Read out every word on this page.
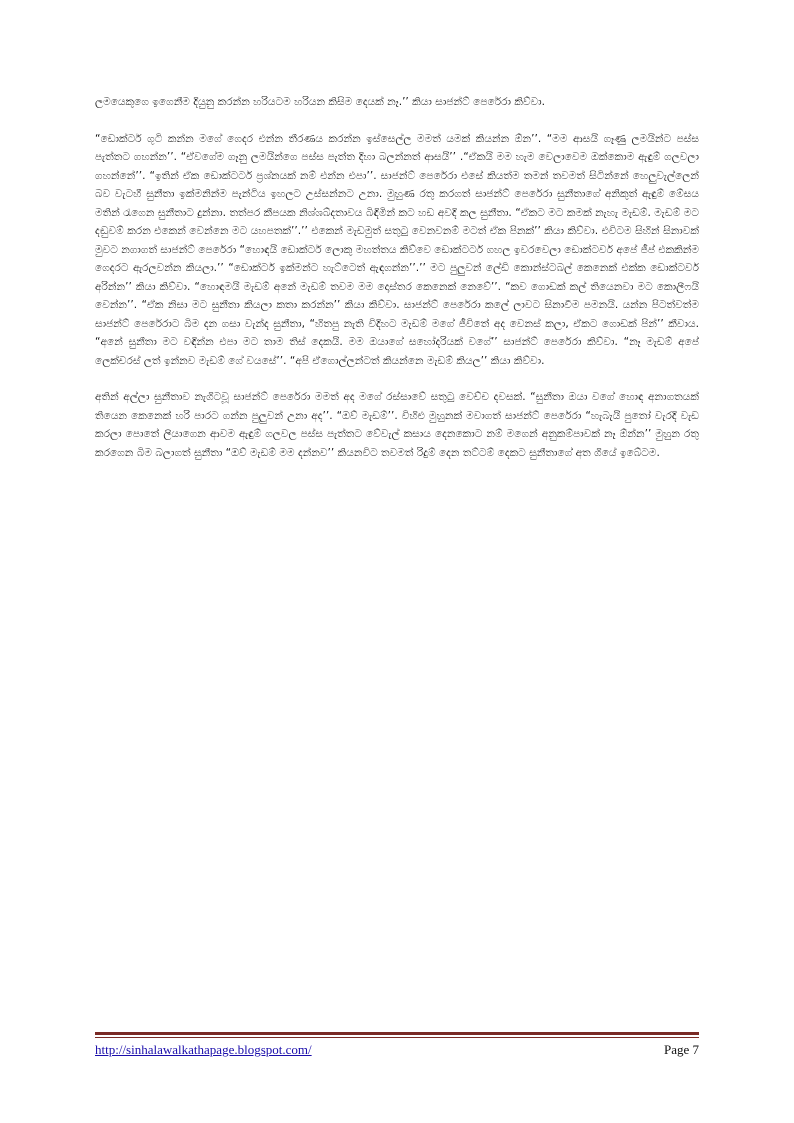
ලමයෙකුගෙ ඉගෙනීම දියුනු කරන්න හරියටම හරියන කිසිම දෙයක් නෑ.’’ කියා සාජන්ට් පෙරේරා කිව්වා.

“ඩොක්ටර් ගුටි කන්න මගේ ගෙදර එන්න තීරණය කරන්න ඉස්සෙල්ල මමත් යමක් කියන්න ඕන’’. “මම ආසයි ගෑණු ලමයින්ට පස්ස පැත්තට ගහන්න’’. “ඒවගේම ගෑනු ලමයින්ගෙ පස්ස පැත්ත දිහා බලන්නත් ආසයි’’ .“ඒකයි මම හැම වෙලාවෙම ඔක්කොම ඇඳුම් ගලවලා ගහන්නේ’’. “ඉතින් ඒක ඩොක්ටර්ට ප්‍රශ්නයක් නම් එන්න එපා’’. සාජන්ට් පෙරේරා එසේ කියත්ම තමන් තවමත් සිටින්නේ හෙලුවැල්ලෙන් බව වැටහී සුනීතා ඉක්මනින්ම පැන්ටිය ඉහලට උස්සන්නට උනා. මුහුණ රතු කරගත් සාජන්ට් පෙරේරා සුනීතාගේ අනිකුත් ඇඳුම් මේසය මතින් රැගෙන සුනීතාට දුන්නා. තත්පර කීපයක නිශ්ශබ්දතාවය බිඳිමින් කට හඩ අවදි කල සුනීතා. “ඒකට මට කමක් නැහැ මැඩම්. මැඩම් මට දඬුවම් කරන එකෙන් වෙන්නෙ මට යහපතක්’’.’’ එකෙන් මැඩමුත් සතුටු වෙනවනම් මටත් ඒක පිනක්’’ කියා කිව්වා. එවිටම සිහින් සිනාවක් මුවට නගාගත් සාජන්ට් පෙරේරා “හොඳයි ඩොක්ටර් ලොකු මහත්තය කිව්වෙ ඩොක්ටර්ට ගහල ඉවරවෙලා ඩොක්ටර්ව අපේ ජීප් එකකින්ම ගෙදරට ඇරලවන්න කියලා.’’ “ඩොක්ටර් ඉක්මන්ට හැට්ටෙත් ඇඳගන්න’’.’’ මට පුලුවන් ලේඩි කොන්ස්ටබල් කෙනෙක් එක්ක ඩොක්ටර්ව අරින්න’’ කියා කිව්වා. “හොඳමයි මැඩම් අනේ මැඩම් තවම මම දොස්තර කෙනෙක් නෙවේ’’. “කව ගොඩක් කල් තියෙනවා මට කොලීෆයි වෙන්න’’. “ඒක නිසා මට සුනීතා කියලා කතා කරන්න’’ කියා කිව්වා. සාජන්ට් පෙරේරා කලේ ලාවට සිනාවීම පමනයි. යන්න පිටත්වත්ම සාජන්ට් පෙරේරාට බිම දන ගසා වැන්ද සුනීතා, “හිතපු නැති විදිහට මැඩම් මගේ ජීවිතේ අද වෙනස් කලා, ඒකට ගොඩක් පින්’’ කීවාය. “අනේ සුනීතා මට වඳින්න එපා මට තාම තිස් දෙකයි. මම ඔයාගේ සහෝදරියක් වගේ’’ සාජන්ට් පෙරේරා කිව්වා. “නෑ මැඩම් අපේ ලෙක්චරස් ලත් ඉන්නව මැඩම් ගේ වයසේ’’. “අපි ඒගොල්ලන්ටත් කියන්නෙ මැඩම් කියල’’ කියා කිව්වා.

අතින් අල්ලා සුනීතාව නැගිටවූ සාජන්ට් පෙරේරා මමත් අද මගේ රස්සාවේ සතුටු වෙච්ච දවසක්. “සුනීතා ඔයා වගේ හොඳ අනාගතයක් තියෙන කෙනෙක් හරි පාරට ගන්න පුලුවන් උනා අද’’. “ඔව් මැඩම්’’. විහිළු මුහුනක් මවාගත් සාජන්ට් පෙරේරා “හැබැයි පුතෝ වැරදි වැඩ කරලා පොතේ ලියාගෙන ආවම ඇඳුම් ගලවල පස්ස පැත්තට වේවැල් කසාය දෙනකොට නම් මගෙන් අනුකම්පාවක් නෑ ඕන්න’’ මුහුන රතු කරගෙන බිම බලාගත් සුනීතා “ඔව් මැඩම් මම දන්නව’’ කියනවිට තවමත් රිදුම් දෙන තට්ටම් දෙකට සුනීතාගේ අත ගියේ ඉබේටම.

http://sinhalawalkathapage.blogspot.com/	Page 7
